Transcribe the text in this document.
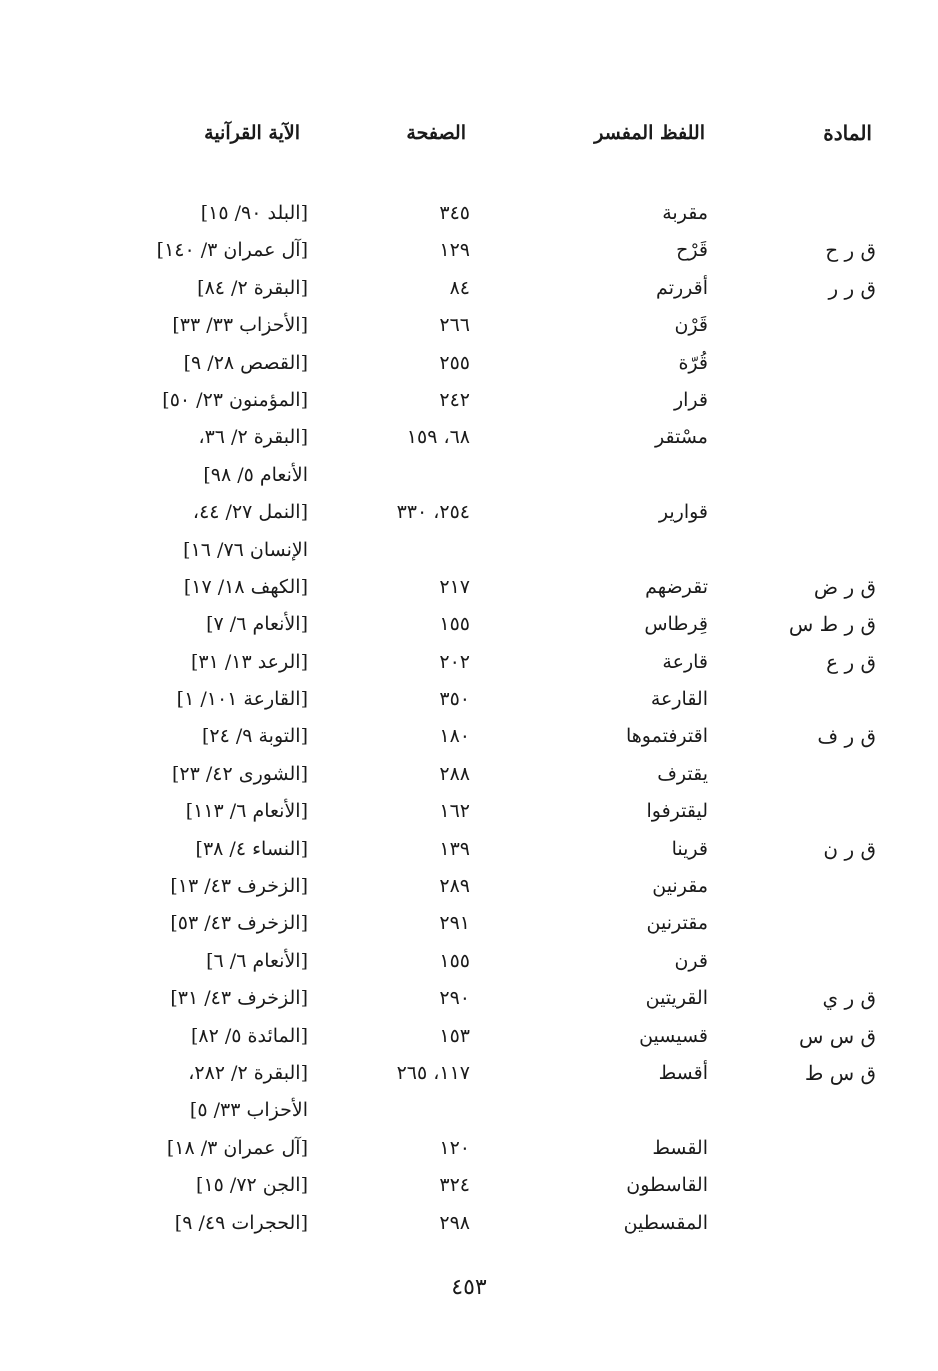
المادة
اللفظ المفسر
الصفحة
الآية القرآنية
مقربة
٣٤٥
[البلد ٩٠/ ١٥]
ق ر ح
قَرْح
١٢٩
[آل عمران ٣/ ١٤٠]
ق ر ر
أقررتم
٨٤
[البقرة ٢/ ٨٤]
قَرْن
٢٦٦
[الأحزاب ٣٣/ ٣٣]
قُرّة
٢٥٥
[القصص ٢٨/ ٩]
قرار
٢٤٢
[المؤمنون ٢٣/ ٥٠]
مسْتقر
٦٨، ١٥٩
[البقرة ٢/ ٣٦،
الأنعام ٥/ ٩٨]
قوارير
٢٥٤، ٣٣٠
[النمل ٢٧/ ٤٤،
الإنسان ٧٦/ ١٦]
ق ر ض
تقرضهم
٢١٧
[الكهف ١٨/ ١٧]
ق ر ط س
قِرطاس
١٥٥
[الأنعام ٦/ ٧]
ق ر ع
قارعة
٢٠٢
[الرعد ١٣/ ٣١]
القارعة
٣٥٠
[القارعة ١٠١/ ١]
ق ر ف
اقترفتموها
١٨٠
[التوبة ٩/ ٢٤]
يقترف
٢٨٨
[الشورى ٤٢/ ٢٣]
ليقترفوا
١٦٢
[الأنعام ٦/ ١١٣]
ق ر ن
قرينا
١٣٩
[النساء ٤/ ٣٨]
مقرنين
٢٨٩
[الزخرف ٤٣/ ١٣]
مقترنين
٢٩١
[الزخرف ٤٣/ ٥٣]
قرن
١٥٥
[الأنعام ٦/ ٦]
ق ر ي
القريتين
٢٩٠
[الزخرف ٤٣/ ٣١]
ق س س
قسيسين
١٥٣
[المائدة ٥/ ٨٢]
ق س ط
أقسط
١١٧، ٢٦٥
[البقرة ٢/ ٢٨٢،
الأحزاب ٣٣/ ٥]
القسط
١٢٠
[آل عمران ٣/ ١٨]
القاسطون
٣٢٤
[الجن ٧٢/ ١٥]
المقسطين
٢٩٨
[الحجرات ٤٩/ ٩]
٤٥٣
